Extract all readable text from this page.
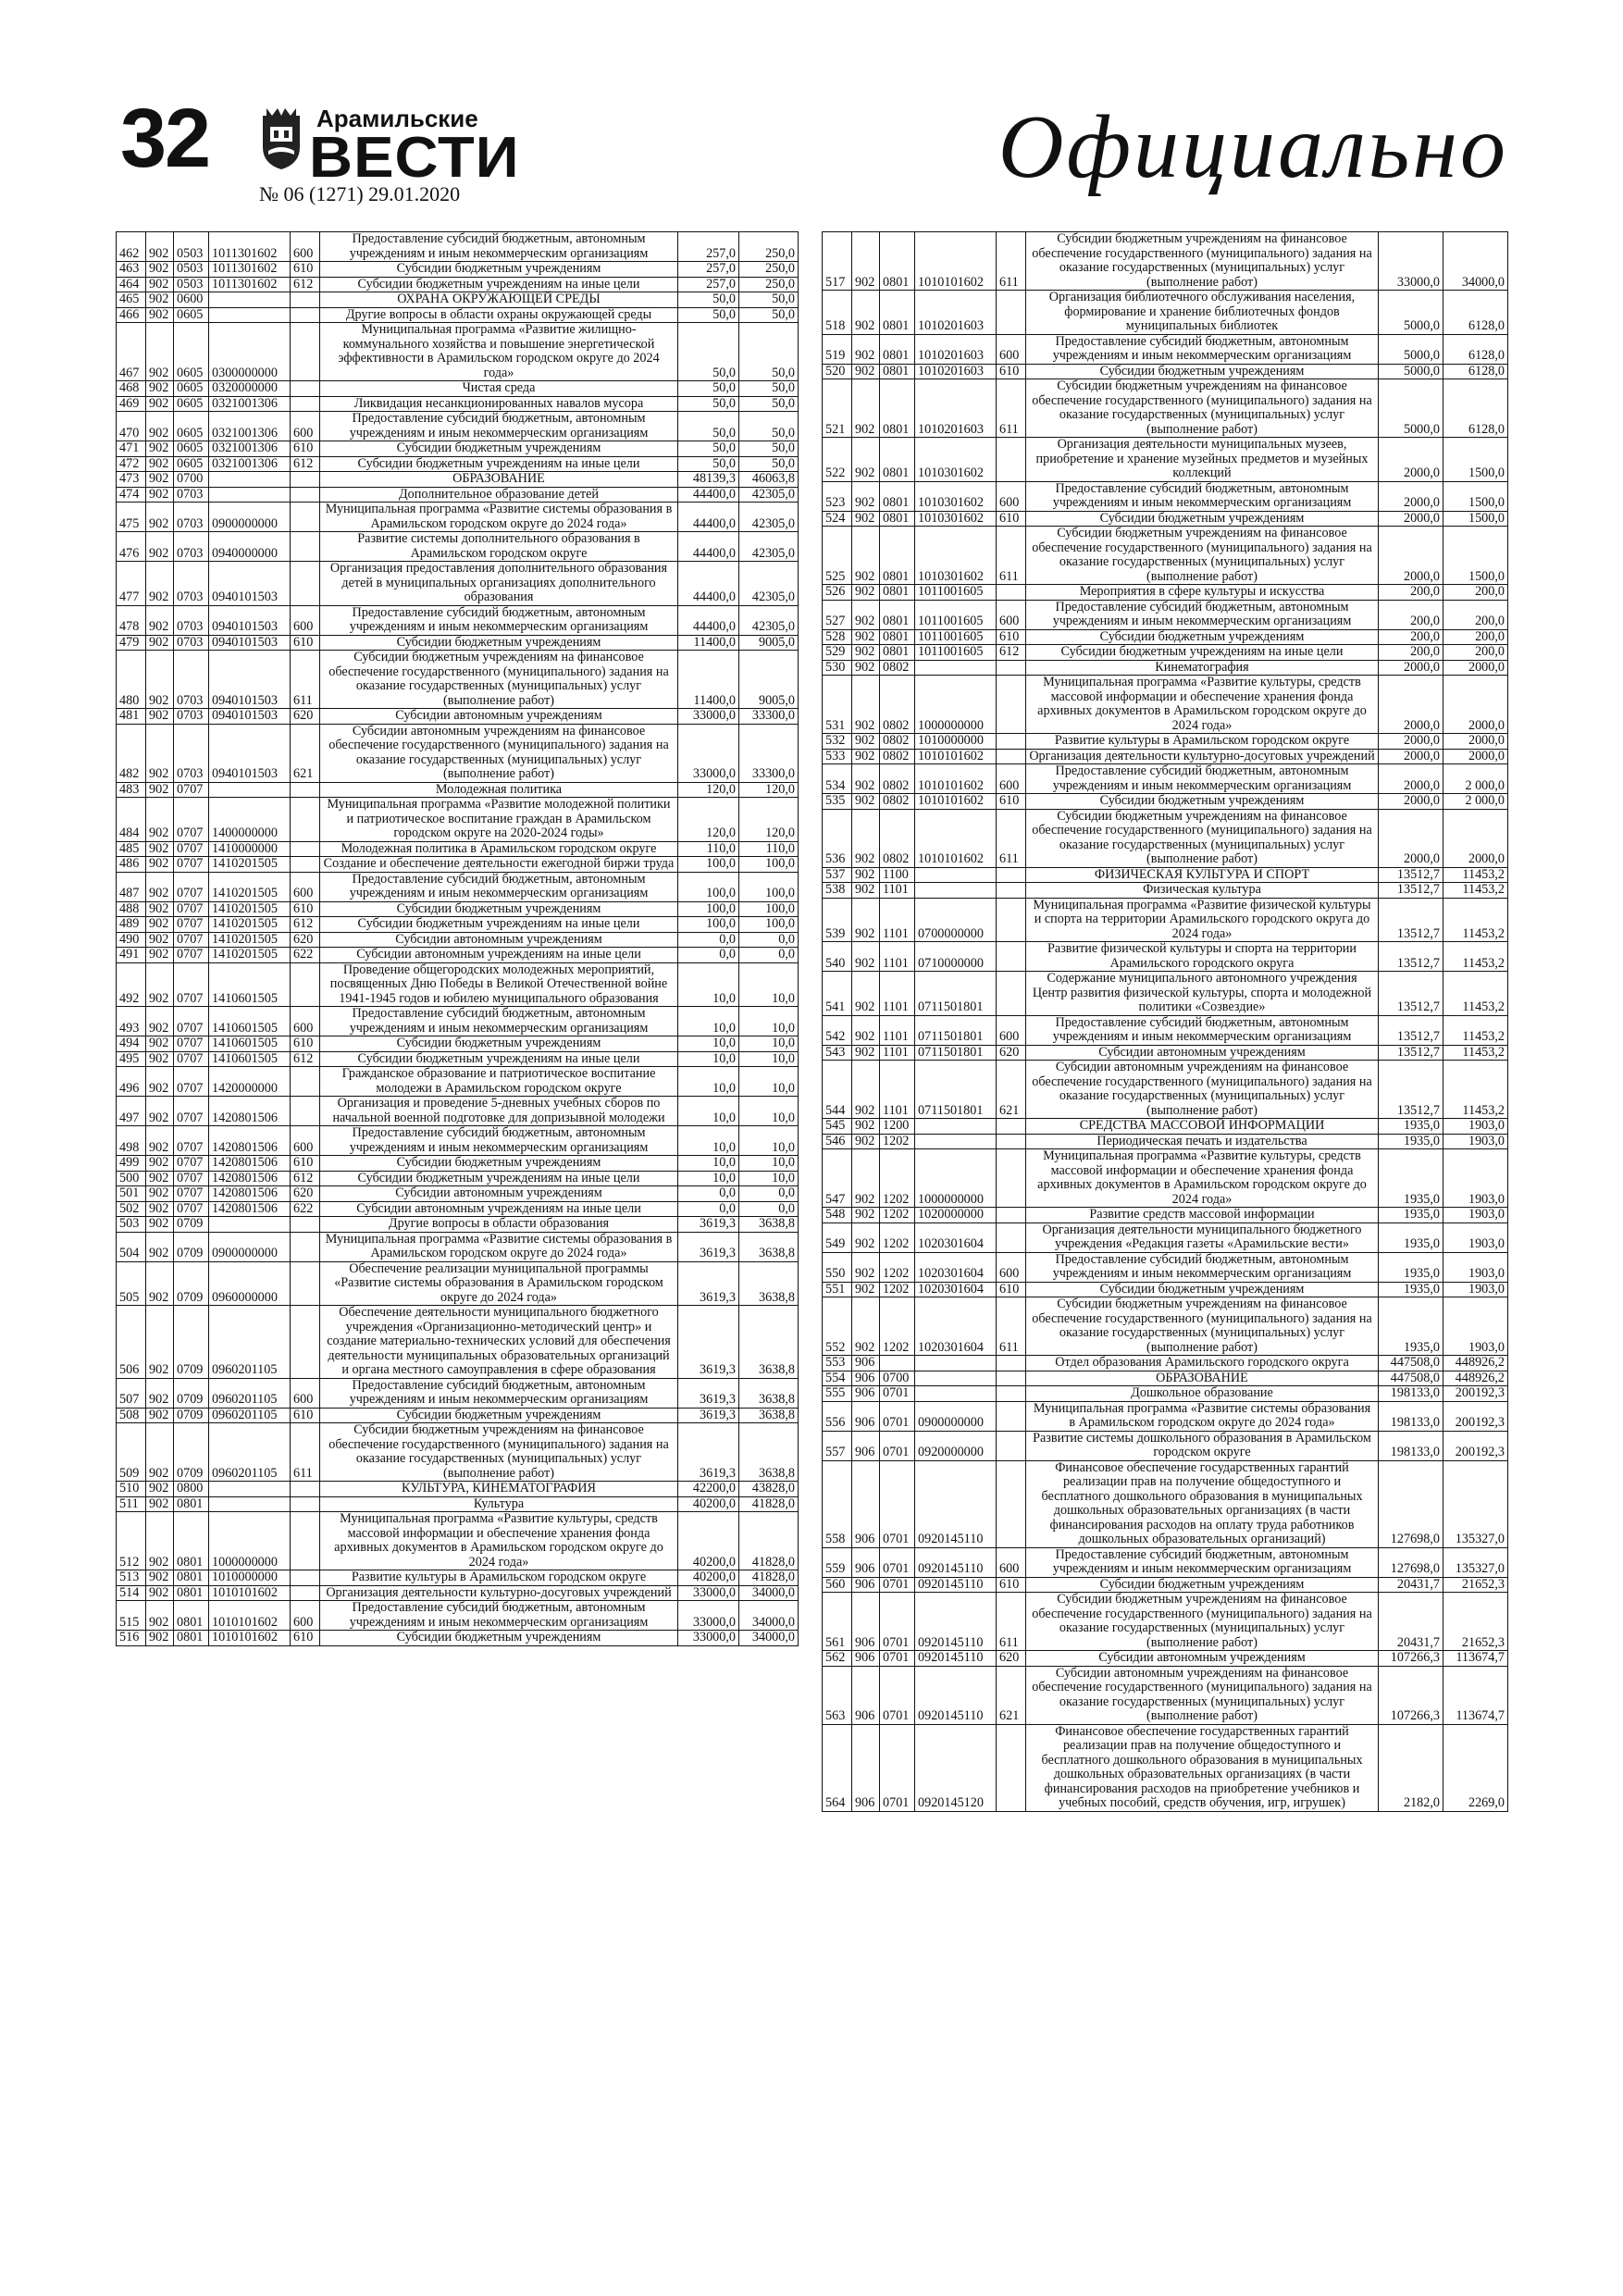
32	Арамильские
ВЕСТИ
№ 06 (1271) 29.01.2020	Официально
462	902	0503	1011301602	600	Предоставление субсидий бюджетным, автономным учреждениям и иным некоммерческим организациям	257,0	250,0
463	902	0503	1011301602	610	Субсидии бюджетным учреждениям	257,0	250,0
464	902	0503	1011301602	612	Субсидии бюджетным учреждениям на иные цели	257,0	250,0
465	902	0600			ОХРАНА ОКРУЖАЮЩЕЙ СРЕДЫ	50,0	50,0
466	902	0605			Другие вопросы в области охраны окружающей среды	50,0	50,0
467	902	0605	0300000000		Муниципальная программа «Развитие жилищно-коммунального хозяйства и повышение энергетической эффективности в Арамильском городском округе до 2024 года»	50,0	50,0
468	902	0605	0320000000		Чистая среда	50,0	50,0
469	902	0605	0321001306		Ликвидация несанкционированных навалов мусора	50,0	50,0
470	902	0605	0321001306	600	Предоставление субсидий бюджетным, автономным учреждениям и иным некоммерческим организациям	50,0	50,0
471	902	0605	0321001306	610	Субсидии бюджетным учреждениям	50,0	50,0
472	902	0605	0321001306	612	Субсидии бюджетным учреждениям на иные цели	50,0	50,0
473	902	0700			ОБРАЗОВАНИЕ	48139,3	46063,8
474	902	0703			Дополнительное образование детей	44400,0	42305,0
475	902	0703	0900000000		Муниципальная программа «Развитие системы образования в Арамильском городском округе до 2024 года»	44400,0	42305,0
476	902	0703	0940000000		Развитие системы дополнительного образования в Арамильском городском округе	44400,0	42305,0
477	902	0703	0940101503		Организация предоставления дополнительного образования детей в муниципальных организациях дополнительного образования	44400,0	42305,0
478	902	0703	0940101503	600	Предоставление субсидий бюджетным, автономным учреждениям и иным некоммерческим организациям	44400,0	42305,0
479	902	0703	0940101503	610	Субсидии бюджетным учреждениям	11400,0	9005,0
480	902	0703	0940101503	611	Субсидии бюджетным учреждениям на финансовое обеспечение государственного (муниципального) задания на оказание государственных (муниципальных) услуг (выполнение работ)	11400,0	9005,0
481	902	0703	0940101503	620	Субсидии автономным учреждениям	33000,0	33300,0
482	902	0703	0940101503	621	Субсидии автономным учреждениям на финансовое обеспечение государственного (муниципального) задания на оказание государственных (муниципальных) услуг (выполнение работ)	33000,0	33300,0
483	902	0707			Молодежная политика	120,0	120,0
484	902	0707	1400000000		Муниципальная программа «Развитие молодежной политики и патриотическое воспитание граждан в Арамильском городском округе на 2020-2024 годы»	120,0	120,0
485	902	0707	1410000000		Молодежная политика в Арамильском городском округе	110,0	110,0
486	902	0707	1410201505		Создание и обеспечение деятельности ежегодной биржи труда	100,0	100,0
487	902	0707	1410201505	600	Предоставление субсидий бюджетным, автономным учреждениям и иным некоммерческим организациям	100,0	100,0
488	902	0707	1410201505	610	Субсидии бюджетным учреждениям	100,0	100,0
489	902	0707	1410201505	612	Субсидии бюджетным учреждениям на иные цели	100,0	100,0
490	902	0707	1410201505	620	Субсидии автономным учреждениям	0,0	0,0
491	902	0707	1410201505	622	Субсидии автономным учреждениям на иные цели	0,0	0,0
492	902	0707	1410601505		Проведение общегородских молодежных мероприятий, посвященных Дню Победы в Великой Отечественной войне 1941-1945 годов и юбилею муниципального образования	10,0	10,0
493	902	0707	1410601505	600	Предоставление субсидий бюджетным, автономным учреждениям и иным некоммерческим организациям	10,0	10,0
494	902	0707	1410601505	610	Субсидии бюджетным учреждениям	10,0	10,0
495	902	0707	1410601505	612	Субсидии бюджетным учреждениям на иные цели	10,0	10,0
496	902	0707	1420000000		Гражданское образование и патриотическое воспитание молодежи в Арамильском городском округе	10,0	10,0
497	902	0707	1420801506		Организация и проведение 5-дневных учебных сборов по начальной военной подготовке для допризывной молодежи	10,0	10,0
498	902	0707	1420801506	600	Предоставление субсидий бюджетным, автономным учреждениям и иным некоммерческим организациям	10,0	10,0
499	902	0707	1420801506	610	Субсидии бюджетным учреждениям	10,0	10,0
500	902	0707	1420801506	612	Субсидии бюджетным учреждениям на иные цели	10,0	10,0
501	902	0707	1420801506	620	Субсидии автономным учреждениям	0,0	0,0
502	902	0707	1420801506	622	Субсидии автономным учреждениям на иные цели	0,0	0,0
503	902	0709			Другие вопросы в области образования	3619,3	3638,8
504	902	0709	0900000000		Муниципальная программа «Развитие системы образования в Арамильском городском округе до 2024 года»	3619,3	3638,8
505	902	0709	0960000000		Обеспечение реализации муниципальной программы «Развитие системы образования в Арамильском городском округе до 2024 года»	3619,3	3638,8
506	902	0709	0960201105		Обеспечение деятельности муниципального бюджетного учреждения «Организационно-методический центр» и создание материально-технических условий для обеспечения деятельности муниципальных образовательных организаций и органа местного самоуправления в сфере образования	3619,3	3638,8
507	902	0709	0960201105	600	Предоставление субсидий бюджетным, автономным учреждениям и иным некоммерческим организациям	3619,3	3638,8
508	902	0709	0960201105	610	Субсидии бюджетным учреждениям	3619,3	3638,8
509	902	0709	0960201105	611	Субсидии бюджетным учреждениям на финансовое обеспечение государственного (муниципального) задания на оказание государственных (муниципальных) услуг (выполнение работ)	3619,3	3638,8
510	902	0800			КУЛЬТУРА, КИНЕМАТОГРАФИЯ	42200,0	43828,0
511	902	0801			Культура	40200,0	41828,0
512	902	0801	1000000000		Муниципальная программа «Развитие культуры, средств массовой информации и обеспечение хранения фонда архивных документов в Арамильском городском округе до 2024 года»	40200,0	41828,0
513	902	0801	1010000000		Развитие культуры в Арамильском городском округе	40200,0	41828,0
514	902	0801	1010101602		Организация деятельности культурно-досуговых учреждений	33000,0	34000,0
515	902	0801	1010101602	600	Предоставление субсидий бюджетным, автономным учреждениям и иным некоммерческим организациям	33000,0	34000,0
516	902	0801	1010101602	610	Субсидии бюджетным учреждениям	33000,0	34000,0
517	902	0801	1010101602	611	Субсидии бюджетным учреждениям на финансовое обеспечение государственного (муниципального) задания на оказание государственных (муниципальных) услуг (выполнение работ)	33000,0	34000,0
518	902	0801	1010201603		Организация библиотечного обслуживания населения, формирование и хранение библиотечных фондов муниципальных библиотек	5000,0	6128,0
519	902	0801	1010201603	600	Предоставление субсидий бюджетным, автономным учреждениям и иным некоммерческим организациям	5000,0	6128,0
520	902	0801	1010201603	610	Субсидии бюджетным учреждениям	5000,0	6128,0
521	902	0801	1010201603	611	Субсидии бюджетным учреждениям на финансовое обеспечение государственного (муниципального) задания на оказание государственных (муниципальных) услуг (выполнение работ)	5000,0	6128,0
522	902	0801	1010301602		Организация деятельности муниципальных музеев, приобретение и хранение музейных предметов и музейных коллекций	2000,0	1500,0
523	902	0801	1010301602	600	Предоставление субсидий бюджетным, автономным учреждениям и иным некоммерческим организациям	2000,0	1500,0
524	902	0801	1010301602	610	Субсидии бюджетным учреждениям	2000,0	1500,0
525	902	0801	1010301602	611	Субсидии бюджетным учреждениям на финансовое обеспечение государственного (муниципального) задания на оказание государственных (муниципальных) услуг (выполнение работ)	2000,0	1500,0
526	902	0801	1011001605		Мероприятия в сфере культуры и искусства	200,0	200,0
527	902	0801	1011001605	600	Предоставление субсидий бюджетным, автономным учреждениям и иным некоммерческим организациям	200,0	200,0
528	902	0801	1011001605	610	Субсидии бюджетным учреждениям	200,0	200,0
529	902	0801	1011001605	612	Субсидии бюджетным учреждениям на иные цели	200,0	200,0
530	902	0802			Кинематография	2000,0	2000,0
531	902	0802	1000000000		Муниципальная программа «Развитие культуры, средств массовой информации и обеспечение хранения фонда архивных документов в Арамильском городском округе до 2024 года»	2000,0	2000,0
532	902	0802	1010000000		Развитие культуры в Арамильском городском округе	2000,0	2000,0
533	902	0802	1010101602		Организация деятельности культурно-досуговых учреждений	2000,0	2000,0
534	902	0802	1010101602	600	Предоставление субсидий бюджетным, автономным учреждениям и иным некоммерческим организациям	2000,0	2 000,0
535	902	0802	1010101602	610	Субсидии бюджетным учреждениям	2000,0	2 000,0
536	902	0802	1010101602	611	Субсидии бюджетным учреждениям на финансовое обеспечение государственного (муниципального) задания на оказание государственных (муниципальных) услуг (выполнение работ)	2000,0	2000,0
537	902	1100			ФИЗИЧЕСКАЯ КУЛЬТУРА И СПОРТ	13512,7	11453,2
538	902	1101			Физическая культура	13512,7	11453,2
539	902	1101	0700000000		Муниципальная программа «Развитие физической культуры и спорта на территории Арамильского городского округа до 2024 года»	13512,7	11453,2
540	902	1101	0710000000		Развитие физической культуры и спорта на территории Арамильского городского округа	13512,7	11453,2
541	902	1101	0711501801		Содержание муниципального автономного учреждения Центр развития физической культуры, спорта и молодежной политики «Созвездие»	13512,7	11453,2
542	902	1101	0711501801	600	Предоставление субсидий бюджетным, автономным учреждениям и иным некоммерческим организациям	13512,7	11453,2
543	902	1101	0711501801	620	Субсидии автономным учреждениям	13512,7	11453,2
544	902	1101	0711501801	621	Субсидии автономным учреждениям на финансовое обеспечение государственного (муниципального) задания на оказание государственных (муниципальных) услуг (выполнение работ)	13512,7	11453,2
545	902	1200			СРЕДСТВА МАССОВОЙ ИНФОРМАЦИИ	1935,0	1903,0
546	902	1202			Периодическая печать и издательства	1935,0	1903,0
547	902	1202	1000000000		Муниципальная программа «Развитие культуры, средств массовой информации и обеспечение хранения фонда архивных документов в Арамильском городском округе до 2024 года»	1935,0	1903,0
548	902	1202	1020000000		Развитие средств массовой информации	1935,0	1903,0
549	902	1202	1020301604		Организация деятельности муниципального бюджетного учреждения «Редакция газеты «Арамильские вести»	1935,0	1903,0
550	902	1202	1020301604	600	Предоставление субсидий бюджетным, автономным учреждениям и иным некоммерческим организациям	1935,0	1903,0
551	902	1202	1020301604	610	Субсидии бюджетным учреждениям	1935,0	1903,0
552	902	1202	1020301604	611	Субсидии бюджетным учреждениям на финансовое обеспечение государственного (муниципального) задания на оказание государственных (муниципальных) услуг (выполнение работ)	1935,0	1903,0
553	906				Отдел образования Арамильского городского округа	447508,0	448926,2
554	906	0700			ОБРАЗОВАНИЕ	447508,0	448926,2
555	906	0701			Дошкольное образование	198133,0	200192,3
556	906	0701	0900000000		Муниципальная программа «Развитие системы образования в Арамильском городском округе до 2024 года»	198133,0	200192,3
557	906	0701	0920000000		Развитие системы дошкольного образования в Арамильском городском округе	198133,0	200192,3
558	906	0701	0920145110		Финансовое обеспечение государственных гарантий реализации прав на получение общедоступного и бесплатного дошкольного образования в муниципальных дошкольных образовательных организациях (в части финансирования расходов на оплату труда работников дошкольных образовательных организаций)	127698,0	135327,0
559	906	0701	0920145110	600	Предоставление субсидий бюджетным, автономным учреждениям и иным некоммерческим организациям	127698,0	135327,0
560	906	0701	0920145110	610	Субсидии бюджетным учреждениям	20431,7	21652,3
561	906	0701	0920145110	611	Субсидии бюджетным учреждениям на финансовое обеспечение государственного (муниципального) задания на оказание государственных (муниципальных) услуг (выполнение работ)	20431,7	21652,3
562	906	0701	0920145110	620	Субсидии автономным учреждениям	107266,3	113674,7
563	906	0701	0920145110	621	Субсидии автономным учреждениям на финансовое обеспечение государственного (муниципального) задания на оказание государственных (муниципальных) услуг (выполнение работ)	107266,3	113674,7
564	906	0701	0920145120		Финансовое обеспечение государственных гарантий реализации прав на получение общедоступного и бесплатного дошкольного образования в муниципальных дошкольных образовательных организациях (в части финансирования расходов на приобретение учебников и учебных пособий, средств обучения, игр, игрушек)	2182,0	2269,0
